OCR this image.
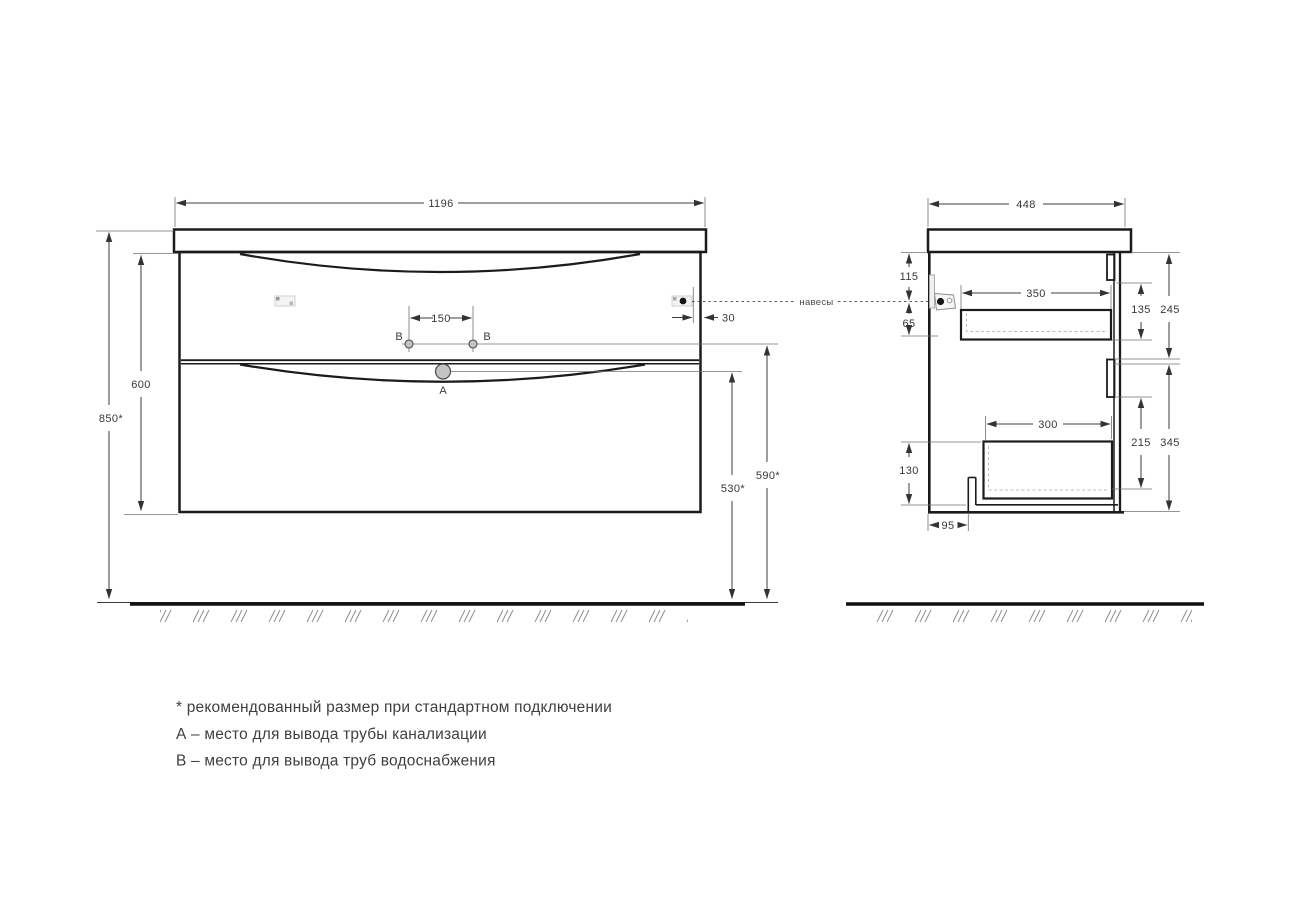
B	B
A
1196
850*
600
150	30
530*
590*
навесы
448
115
65
350
135 245
300
130
215 345
95
* рекомендованный размер при стандартном подключении
А – место для вывода трубы канализации
В – место для вывода труб водоснабжения
